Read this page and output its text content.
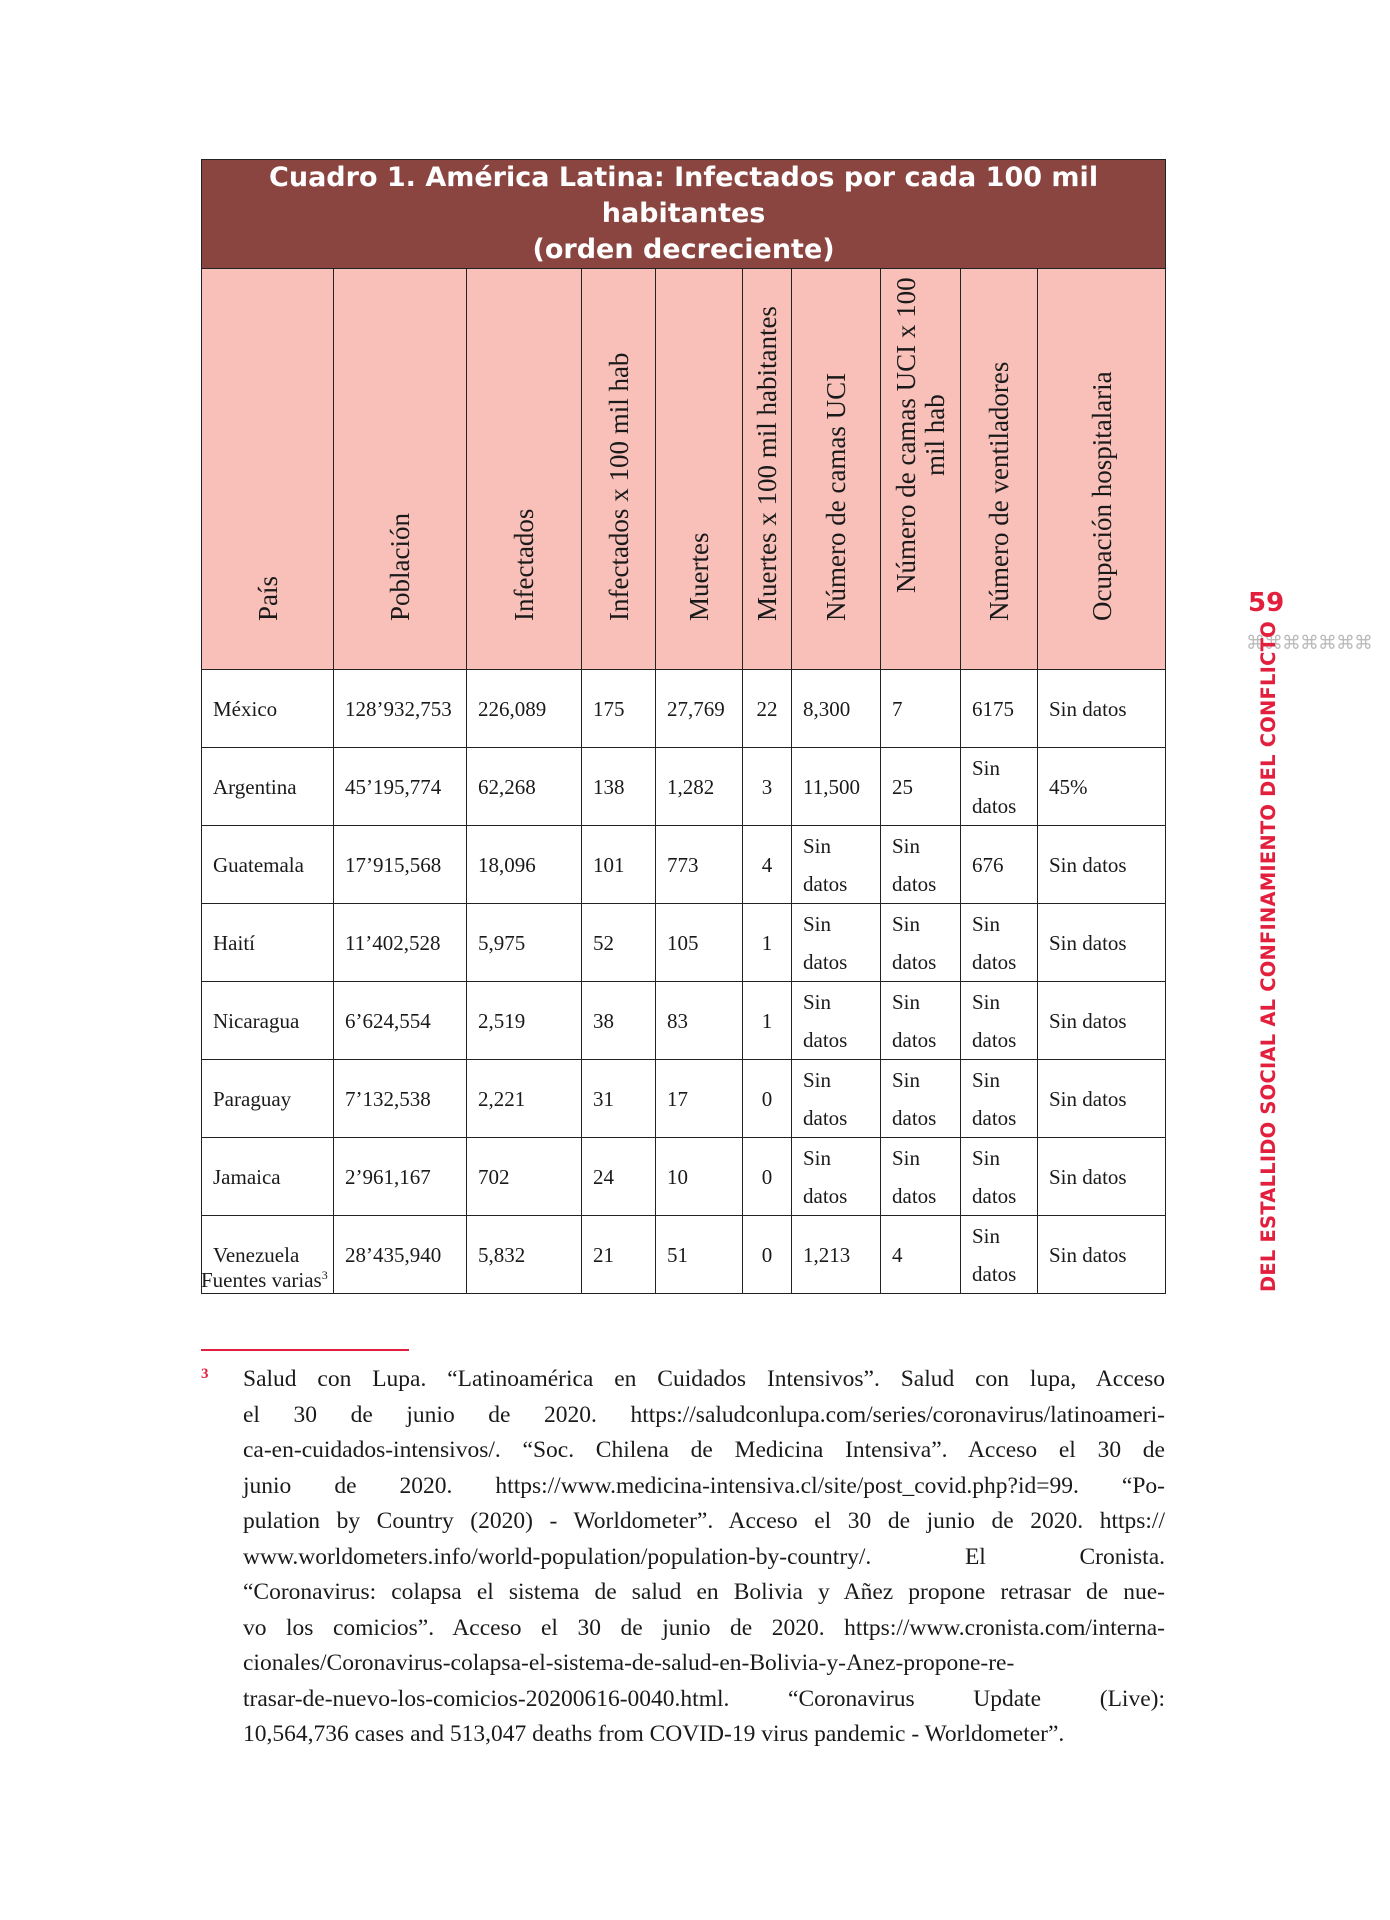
Cuadro 1. América Latina: Infectados por cada 100 mil habitantes
(orden decreciente)									

País	Población	Infectados	Infectados x 100 mil hab	Muertes	Muertes x 100 mil habitantes	Número de camas UCI	Número de camas UCI x 100
mil hab	Número de ventiladores	Ocupación hospitalaria

México	128’932,753	226,089	175	27,769	22	8,300	7	6175	Sin datos
Argentina	45’195,774	62,268	138	1,282	3	11,500	25	Sin datos	45%
Guatemala	17’915,568	18,096	101	773	4	Sin datos	Sin datos	676	Sin datos
Haití	11’402,528	5,975	52	105	1	Sin datos	Sin datos	Sin datos	Sin datos
Nicaragua	6’624,554	2,519	38	83	1	Sin datos	Sin datos	Sin datos	Sin datos
Paraguay	7’132,538	2,221	31	17	0	Sin datos	Sin datos	Sin datos	Sin datos
Jamaica	2’961,167	702	24	10	0	Sin datos	Sin datos	Sin datos	Sin datos
Venezuela	28’435,940	5,832	21	51	0	1,213	4	Sin datos	Sin datos
Fuentes varias$^3$
3 Salud con Lupa. “Latinoamérica en Cuidados Intensivos”. Salud con lupa, Acceso

el 30 de junio de 2020. https://saludconlupa.com/series/coronavirus/latinoameri-

ca-en-cuidados-intensivos/. “Soc. Chilena de Medicina Intensiva”. Acceso el 30 de

junio de 2020. https://www.medicina-intensiva.cl/site/post_covid.php?id=99. “Po-

pulation by Country (2020) - Worldometer”. Acceso el 30 de junio de 2020. https://

www.worldometers.info/world-population/population-by-country/. El Cronista.

“Coronavirus: colapsa el sistema de salud en Bolivia y Añez propone retrasar de nue-

vo los comicios”. Acceso el 30 de junio de 2020. https://www.cronista.com/interna-

cionales/Coronavirus-colapsa-el-sistema-de-salud-en-Bolivia-y-Anez-propone-re-

trasar-de-nuevo-los-comicios-20200616-0040.html. “Coronavirus Update (Live):

10,564,736 cases and 513,047 deaths from COVID-19 virus pandemic - Worldometer”.

59
⌘⌘⌘⌘⌘⌘⌘
DEL ESTALLIDO SOCIAL AL CONFINAMIENTO DEL CONFLICTO
